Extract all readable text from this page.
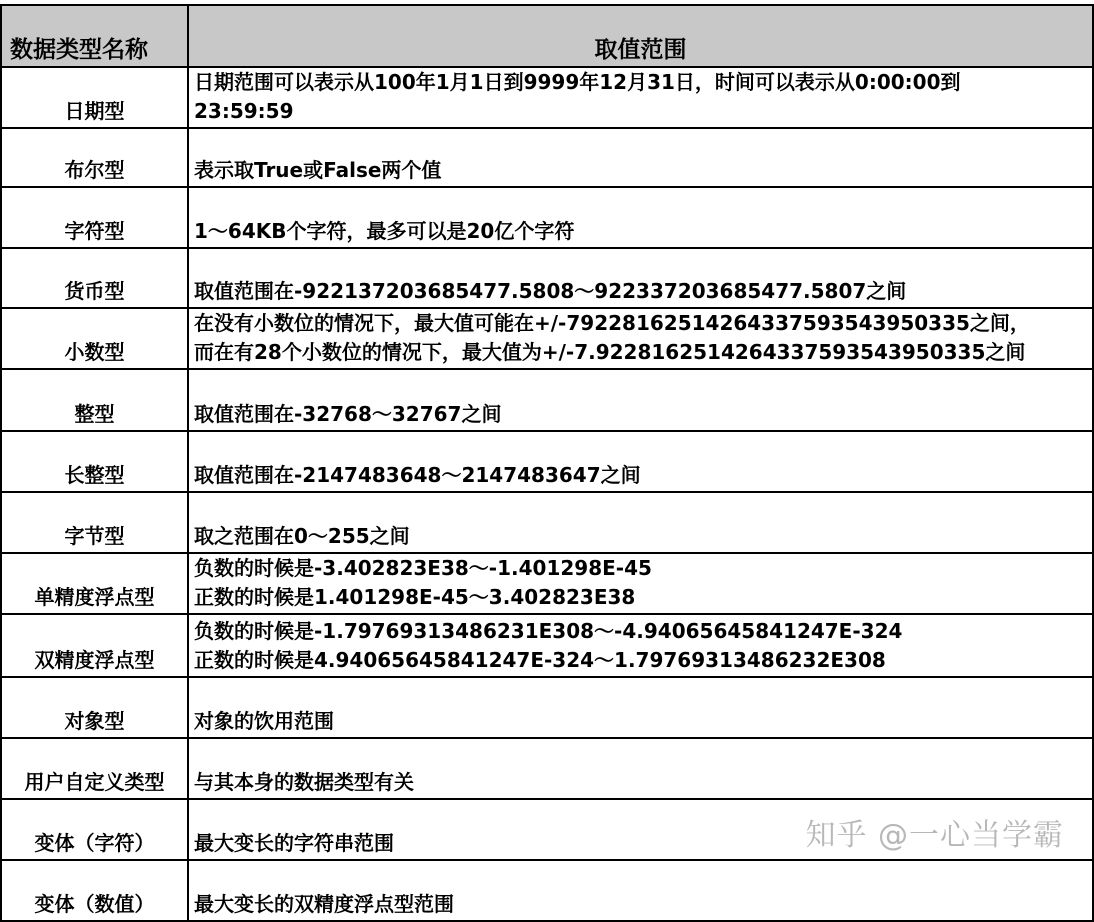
数据类型名称	取值范围
日期型	日期范围可以表示从100年1月1日到9999年12月31日，时间可以表示从0:00:00到
23:59:59

布尔型	表示取True或False两个值

字符型	1～64KB个字符，最多可以是20亿个字符

货币型	取值范围在-922137203685477.5808～922337203685477.5807之间

小数型	在没有小数位的情况下，最大值可能在+/-79228162514264337593543950335之间，
而在有28个小数位的情况下，最大值为+/-7.9228162514264337593543950335之间

整型	取值范围在-32768～32767之间

长整型	取值范围在-2147483648～2147483647之间

字节型	取之范围在0～255之间

单精度浮点型	负数的时候是-3.402823E38～-1.401298E-45
正数的时候是1.401298E-45～3.402823E38

双精度浮点型	负数的时候是-1.79769313486231E308～-4.94065645841247E-324
正数的时候是4.94065645841247E-324～1.79769313486232E308

对象型	对象的饮用范围

用户自定义类型	与其本身的数据类型有关

变体（字符）	最大变长的字符串范围

变体（数值）	最大变长的双精度浮点型范围
知乎 @一心当学霸
